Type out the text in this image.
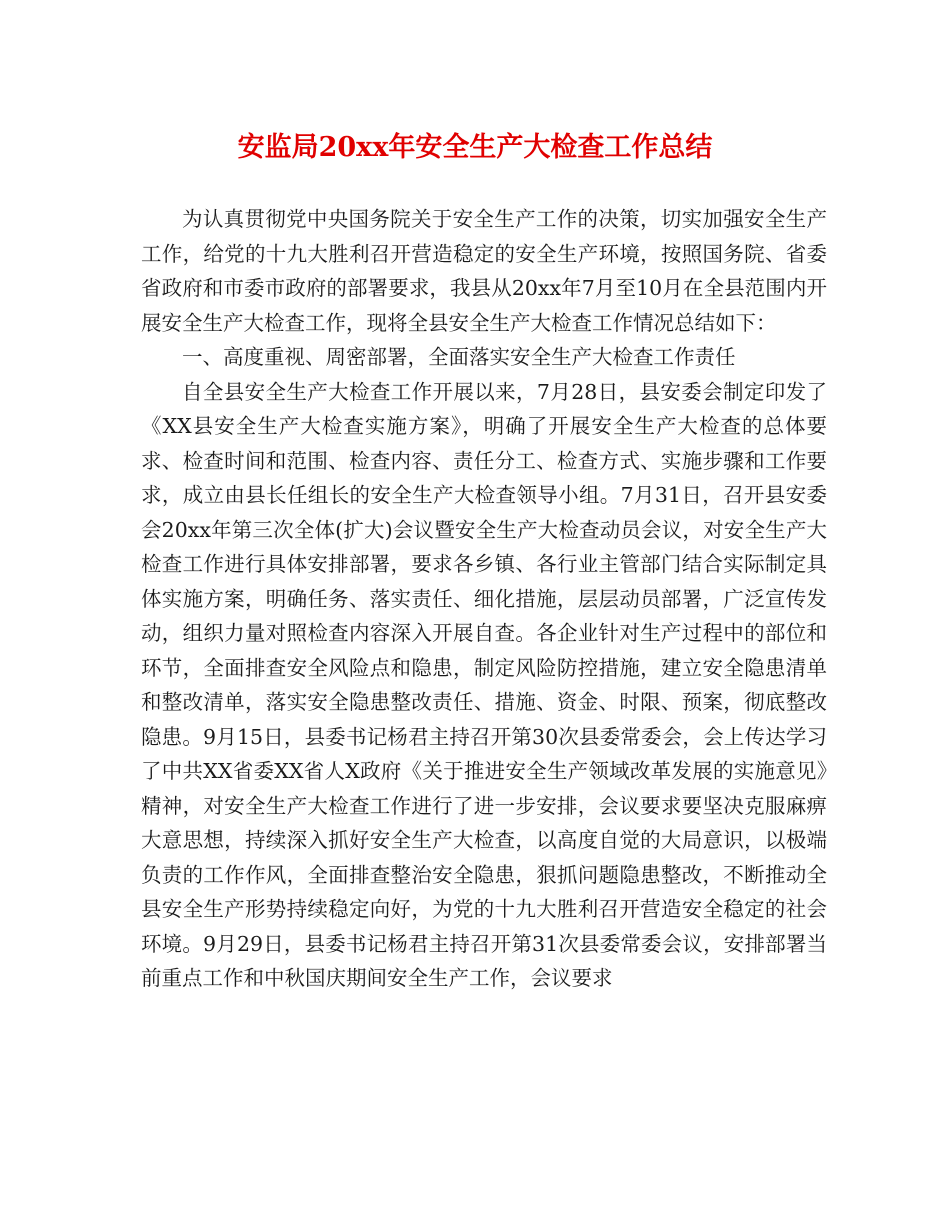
安监局20xx年安全生产大检查工作总结

为认真贯彻党中央国务院关于安全生产工作的决策，切实加强安全生产工作，给党的十九大胜利召开营造稳定的安全生产环境，按照国务院、省委省政府和市委市政府的部署要求，我县从20xx年7月至10月在全县范围内开展安全生产大检查工作，现将全县安全生产大检查工作情况总结如下：

一、高度重视、周密部署，全面落实安全生产大检查工作责任

自全县安全生产大检查工作开展以来，7月28日，县安委会制定印发了《XX县安全生产大检查实施方案》，明确了开展安全生产大检查的总体要求、检查时间和范围、检查内容、责任分工、检查方式、实施步骤和工作要求，成立由县长任组长的安全生产大检查领导小组。7月31日，召开县安委会20xx年第三次全体(扩大)会议暨安全生产大检查动员会议，对安全生产大检查工作进行具体安排部署，要求各乡镇、各行业主管部门结合实际制定具体实施方案，明确任务、落实责任、细化措施，层层动员部署，广泛宣传发动，组织力量对照检查内容深入开展自查。各企业针对生产过程中的部位和环节，全面排查安全风险点和隐患，制定风险防控措施，建立安全隐患清单和整改清单，落实安全隐患整改责任、措施、资金、时限、预案，彻底整改隐患。9月15日，县委书记杨君主持召开第30次县委常委会，会上传达学习了中共XX省委XX省人X政府《关于推进安全生产领域改革发展的实施意见》精神，对安全生产大检查工作进行了进一步安排，会议要求要坚决克服麻痹大意思想，持续深入抓好安全生产大检查，以高度自觉的大局意识，以极端负责的工作作风，全面排查整治安全隐患，狠抓问题隐患整改，不断推动全县安全生产形势持续稳定向好，为党的十九大胜利召开营造安全稳定的社会环境。9月29日，县委书记杨君主持召开第31次县委常委会议，安排部署当前重点工作和中秋国庆期间安全生产工作，会议要求
